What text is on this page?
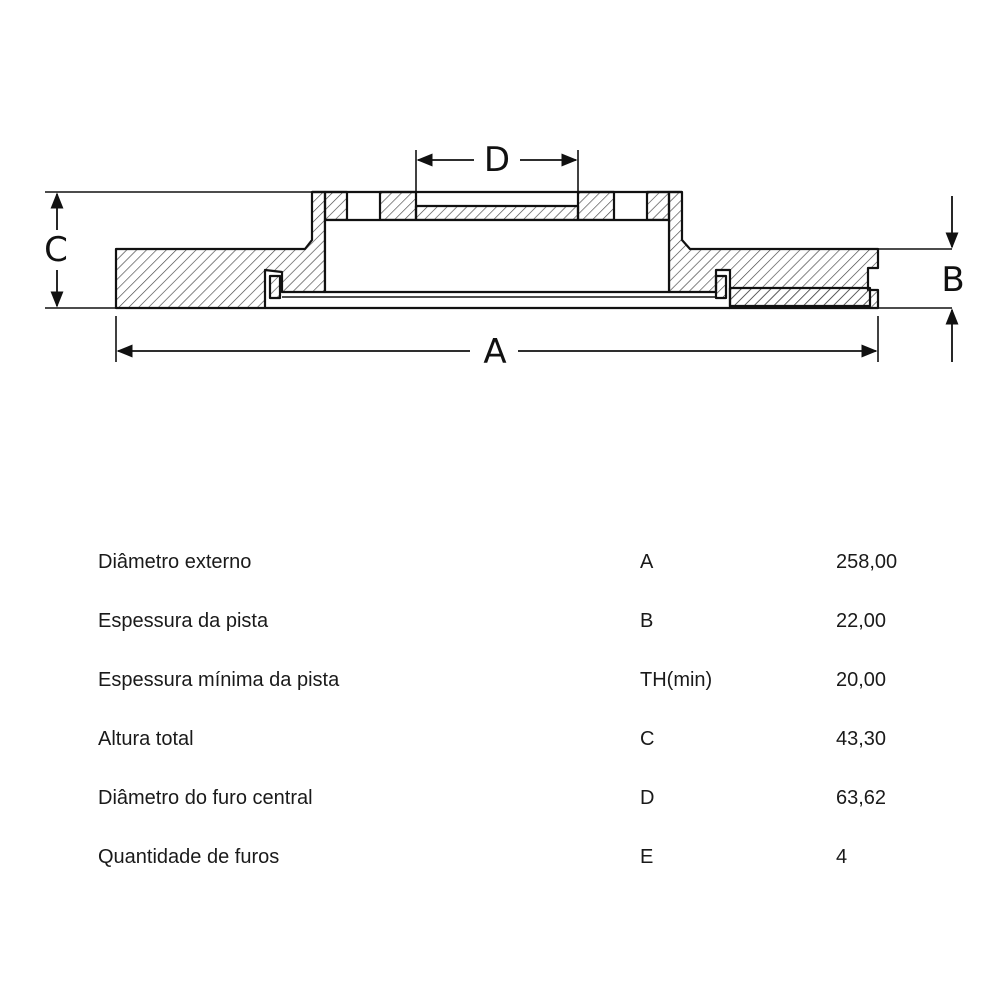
A
B
C
D
Diâmetro externo	A	258,00
Espessura da pista	B	22,00
Espessura mínima da pista	TH(min)	20,00
Altura total	C	43,30
Diâmetro do furo central	D	63,62
Quantidade de furos	E	4
